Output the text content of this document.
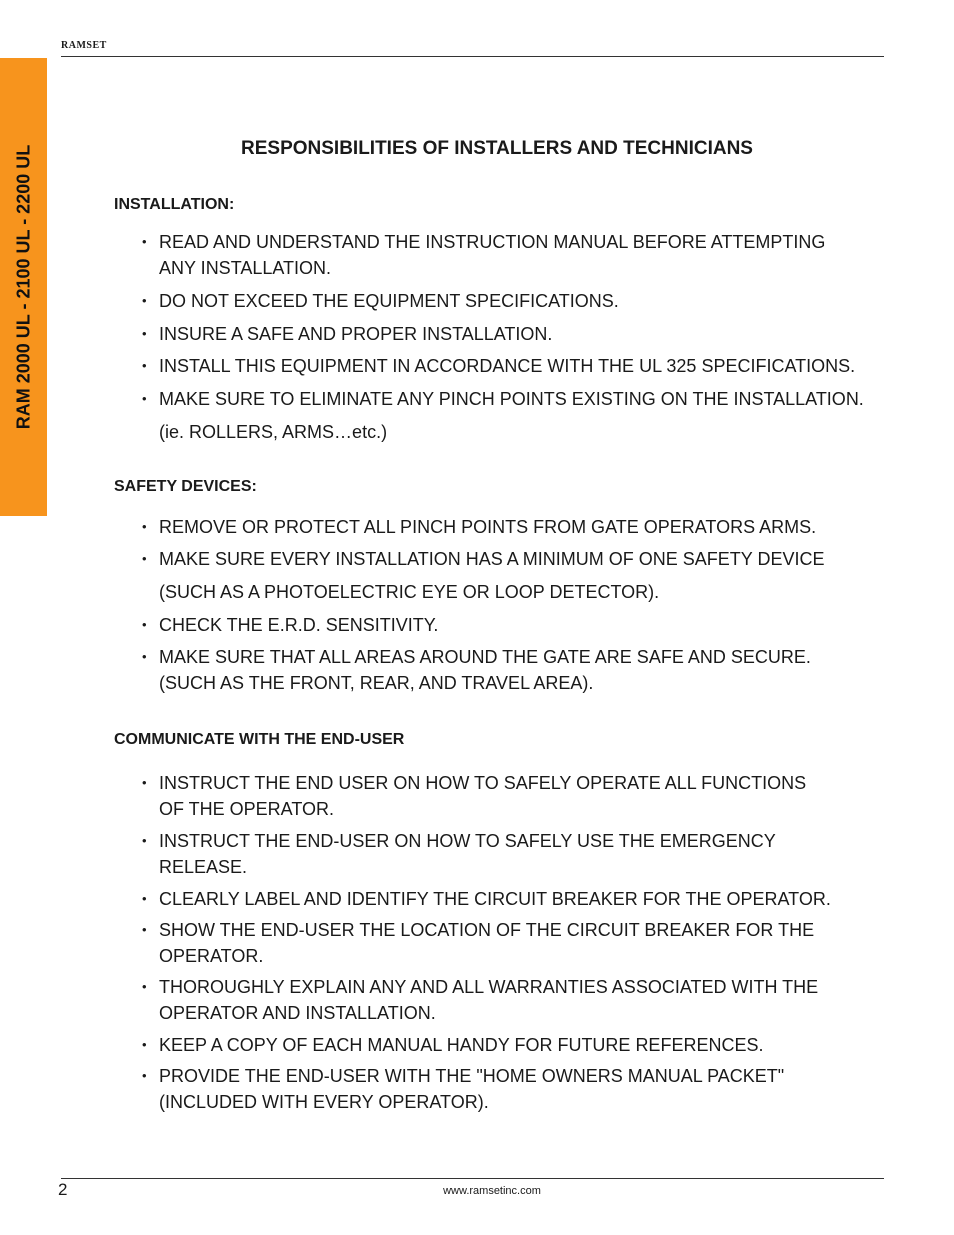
RAMSET
RAM 2000 UL - 2100 UL - 2200 UL	RESPONSIBILITIES OF INSTALLERS AND TECHNICIANS
INSTALLATION:
• READ AND UNDERSTAND THE INSTRUCTION MANUAL BEFORE ATTEMPTING
ANY INSTALLATION.
• DO NOT EXCEED THE EQUIPMENT SPECIFICATIONS.
• INSURE A SAFE AND PROPER INSTALLATION.
• INSTALL THIS EQUIPMENT IN ACCORDANCE WITH THE UL 325 SPECIFICATIONS.
• MAKE SURE TO ELIMINATE ANY PINCH POINTS EXISTING ON THE INSTALLATION.
(ie. ROLLERS, ARMS…etc.)
SAFETY DEVICES:
• REMOVE OR PROTECT ALL PINCH POINTS FROM GATE OPERATORS ARMS.
• MAKE SURE EVERY INSTALLATION HAS A MINIMUM OF ONE SAFETY DEVICE
(SUCH AS A PHOTOELECTRIC EYE OR LOOP DETECTOR).
• CHECK THE E.R.D. SENSITIVITY.
• MAKE SURE THAT ALL AREAS AROUND THE GATE ARE SAFE AND SECURE.
(SUCH AS THE FRONT, REAR, AND TRAVEL AREA).
COMMUNICATE WITH THE END-USER
• INSTRUCT THE END USER ON HOW TO SAFELY OPERATE ALL FUNCTIONS
OF THE OPERATOR.
• INSTRUCT THE END-USER ON HOW TO SAFELY USE THE EMERGENCY
RELEASE.
• CLEARLY LABEL AND IDENTIFY THE CIRCUIT BREAKER FOR THE OPERATOR.
• SHOW THE END-USER THE LOCATION OF THE CIRCUIT BREAKER FOR THE
OPERATOR.
• THOROUGHLY EXPLAIN ANY AND ALL WARRANTIES ASSOCIATED WITH THE
OPERATOR AND INSTALLATION.
• KEEP A COPY OF EACH MANUAL HANDY FOR FUTURE REFERENCES.
• PROVIDE THE END-USER WITH THE "HOME OWNERS MANUAL PACKET"
(INCLUDED WITH EVERY OPERATOR).
2	www.ramsetinc.com
